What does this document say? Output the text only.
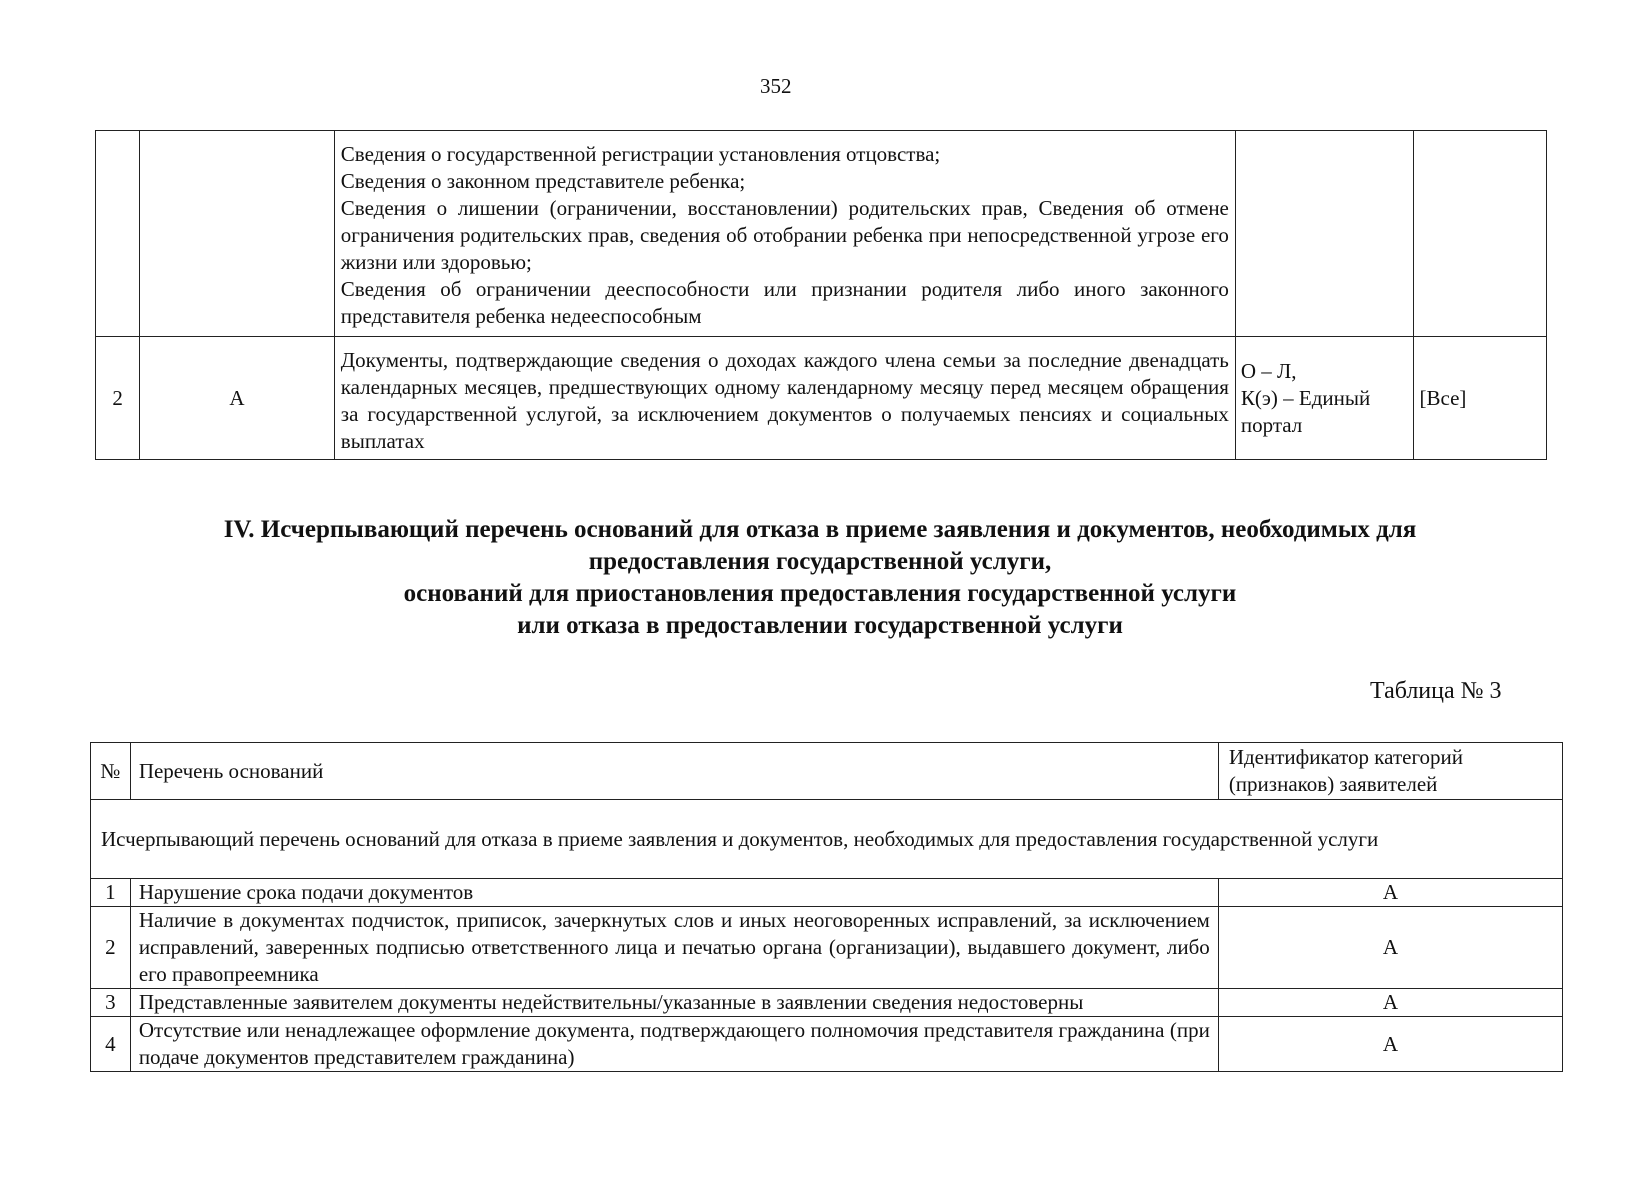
352

		Сведения о государственной регистрации установления отцовства;
Сведения о законном представителе ребенка;
Сведения о лишении (ограничении, восстановлении) родительских прав, Сведения об отмене ограничения родительских прав, сведения об отобрании ребенка при непосредственной угрозе его жизни или здоровью;
Сведения об ограничении дееспособности или признании родителя либо иного законного представителя ребенка недееспособным		

2	А	Документы, подтверждающие сведения о доходах каждого члена семьи за последние двенадцать календарных месяцев, предшествующих одному календарному месяцу перед месяцем обращения за государственной услугой, за исключением документов о получаемых пенсиях и социальных выплатах	О – Л,
К(э) – Единый портал	[Все]
IV. Исчерпывающий перечень оснований для отказа в приеме заявления и документов, необходимых для
предоставления государственной услуги,
оснований для приостановления предоставления государственной услуги
или отказа в предоставлении государственной услуги
Таблица № 3
№	Перечень оснований	Идентификатор категорий
(признаков) заявителей

Исчерпывающий перечень оснований для отказа в приеме заявления и документов, необходимых для предоставления государственной услуги		
1	Нарушение срока подачи документов	А
2	Наличие в документах подчисток, приписок, зачеркнутых слов и иных неоговоренных исправлений, за исключением исправлений, заверенных подписью ответственного лица и печатью органа (организации), выдавшего документ, либо его правопреемника	А
3	Представленные заявителем документы недействительны/указанные в заявлении сведения недостоверны	А
4	Отсутствие или ненадлежащее оформление документа, подтверждающего полномочия представителя гражданина (при подаче документов представителем гражданина)	А
